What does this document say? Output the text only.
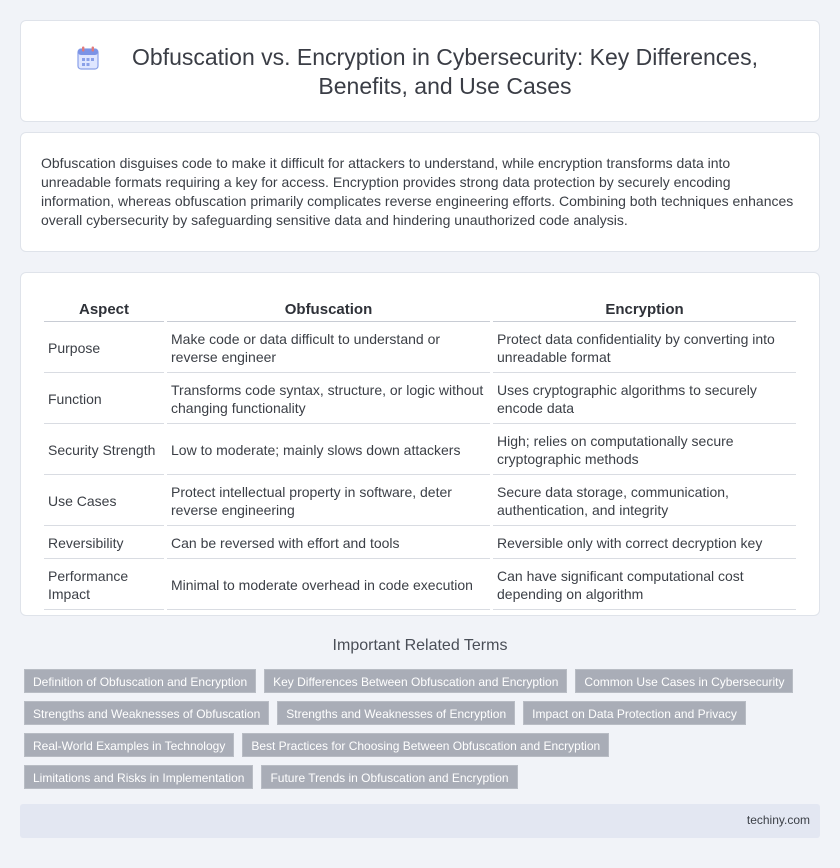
Obfuscation vs. Encryption in Cybersecurity: Key Differences, Benefits, and Use Cases

Obfuscation disguises code to make it difficult for attackers to understand, while encryption transforms data into unreadable formats requiring a key for access. Encryption provides strong data protection by securely encoding information, whereas obfuscation primarily complicates reverse engineering efforts. Combining both techniques enhances overall cybersecurity by safeguarding sensitive data and hindering unauthorized code analysis.

Aspect	Obfuscation	Encryption
Purpose	Make code or data difficult to understand or reverse engineer	Protect data confidentiality by converting into unreadable format
Function	Transforms code syntax, structure, or logic without changing functionality	Uses cryptographic algorithms to securely encode data
Security Strength	Low to moderate; mainly slows down attackers	High; relies on computationally secure cryptographic methods
Use Cases	Protect intellectual property in software, deter reverse engineering	Secure data storage, communication, authentication, and integrity
Reversibility	Can be reversed with effort and tools	Reversible only with correct decryption key
Performance Impact	Minimal to moderate overhead in code execution	Can have significant computational cost depending on algorithm
Important Related Terms
Definition of Obfuscation and Encryption	Key Differences Between Obfuscation and Encryption	Common Use Cases in Cybersecurity
Strengths and Weaknesses of Obfuscation	Strengths and Weaknesses of Encryption	Impact on Data Protection and Privacy
Real-World Examples in Technology	Best Practices for Choosing Between Obfuscation and Encryption
Limitations and Risks in Implementation	Future Trends in Obfuscation and Encryption
techiny.com
